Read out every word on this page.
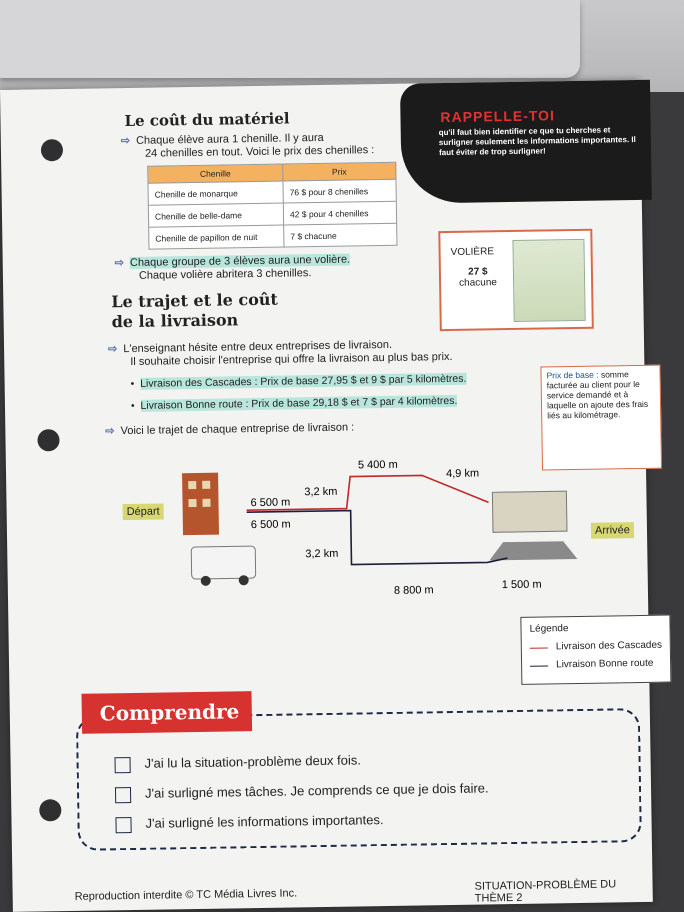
Le coût du matériel
⇨ Chaque élève aura 1 chenille. Il y aura
24 chenilles en tout. Voici le prix des chenilles :
Chenille	Prix
Chenille de monarque	76 $ pour 8 chenilles
Chenille de belle-dame	42 $ pour 4 chenilles
Chenille de papillon de nuit	7 $ chacune
⇨ Chaque groupe de 3 élèves aura une volière.
Chaque volière abritera 3 chenilles.
RAPPELLE-TOI
qu'il faut bien identifier ce que tu cherches et surligner seulement les informations importantes. Il faut éviter de trop surligner!
VOLIÈRE
27 $
chacune
Le trajet et le coût
de la livraison
⇨ L'enseignant hésite entre deux entreprises de livraison.
Il souhaite choisir l'entreprise qui offre la livraison au plus bas prix.
•  Livraison des Cascades : Prix de base 27,95 $ et 9 $ par 5 kilomètres.
•  Livraison Bonne route : Prix de base 29,18 $ et 7 $ par 4 kilomètres.
⇨ Voici le trajet de chaque entreprise de livraison :
Prix de base : somme facturée au client pour le service demandé et à laquelle on ajoute des frais liés au kilométrage.
5 400 m
4,9 km
3,2 km
6 500 m
6 500 m
3,2 km
8 800 m	1 500 m
Départ
Arrivée
Légende
Livraison des Cascades
Livraison Bonne route
Comprendre
J'ai lu la situation-problème deux fois.
J'ai surligné mes tâches. Je comprends ce que je dois faire.
J'ai surligné les informations importantes.
Reproduction interdite © TC Média Livres Inc.
SITUATION-PROBLÈME DU THÈME 2
